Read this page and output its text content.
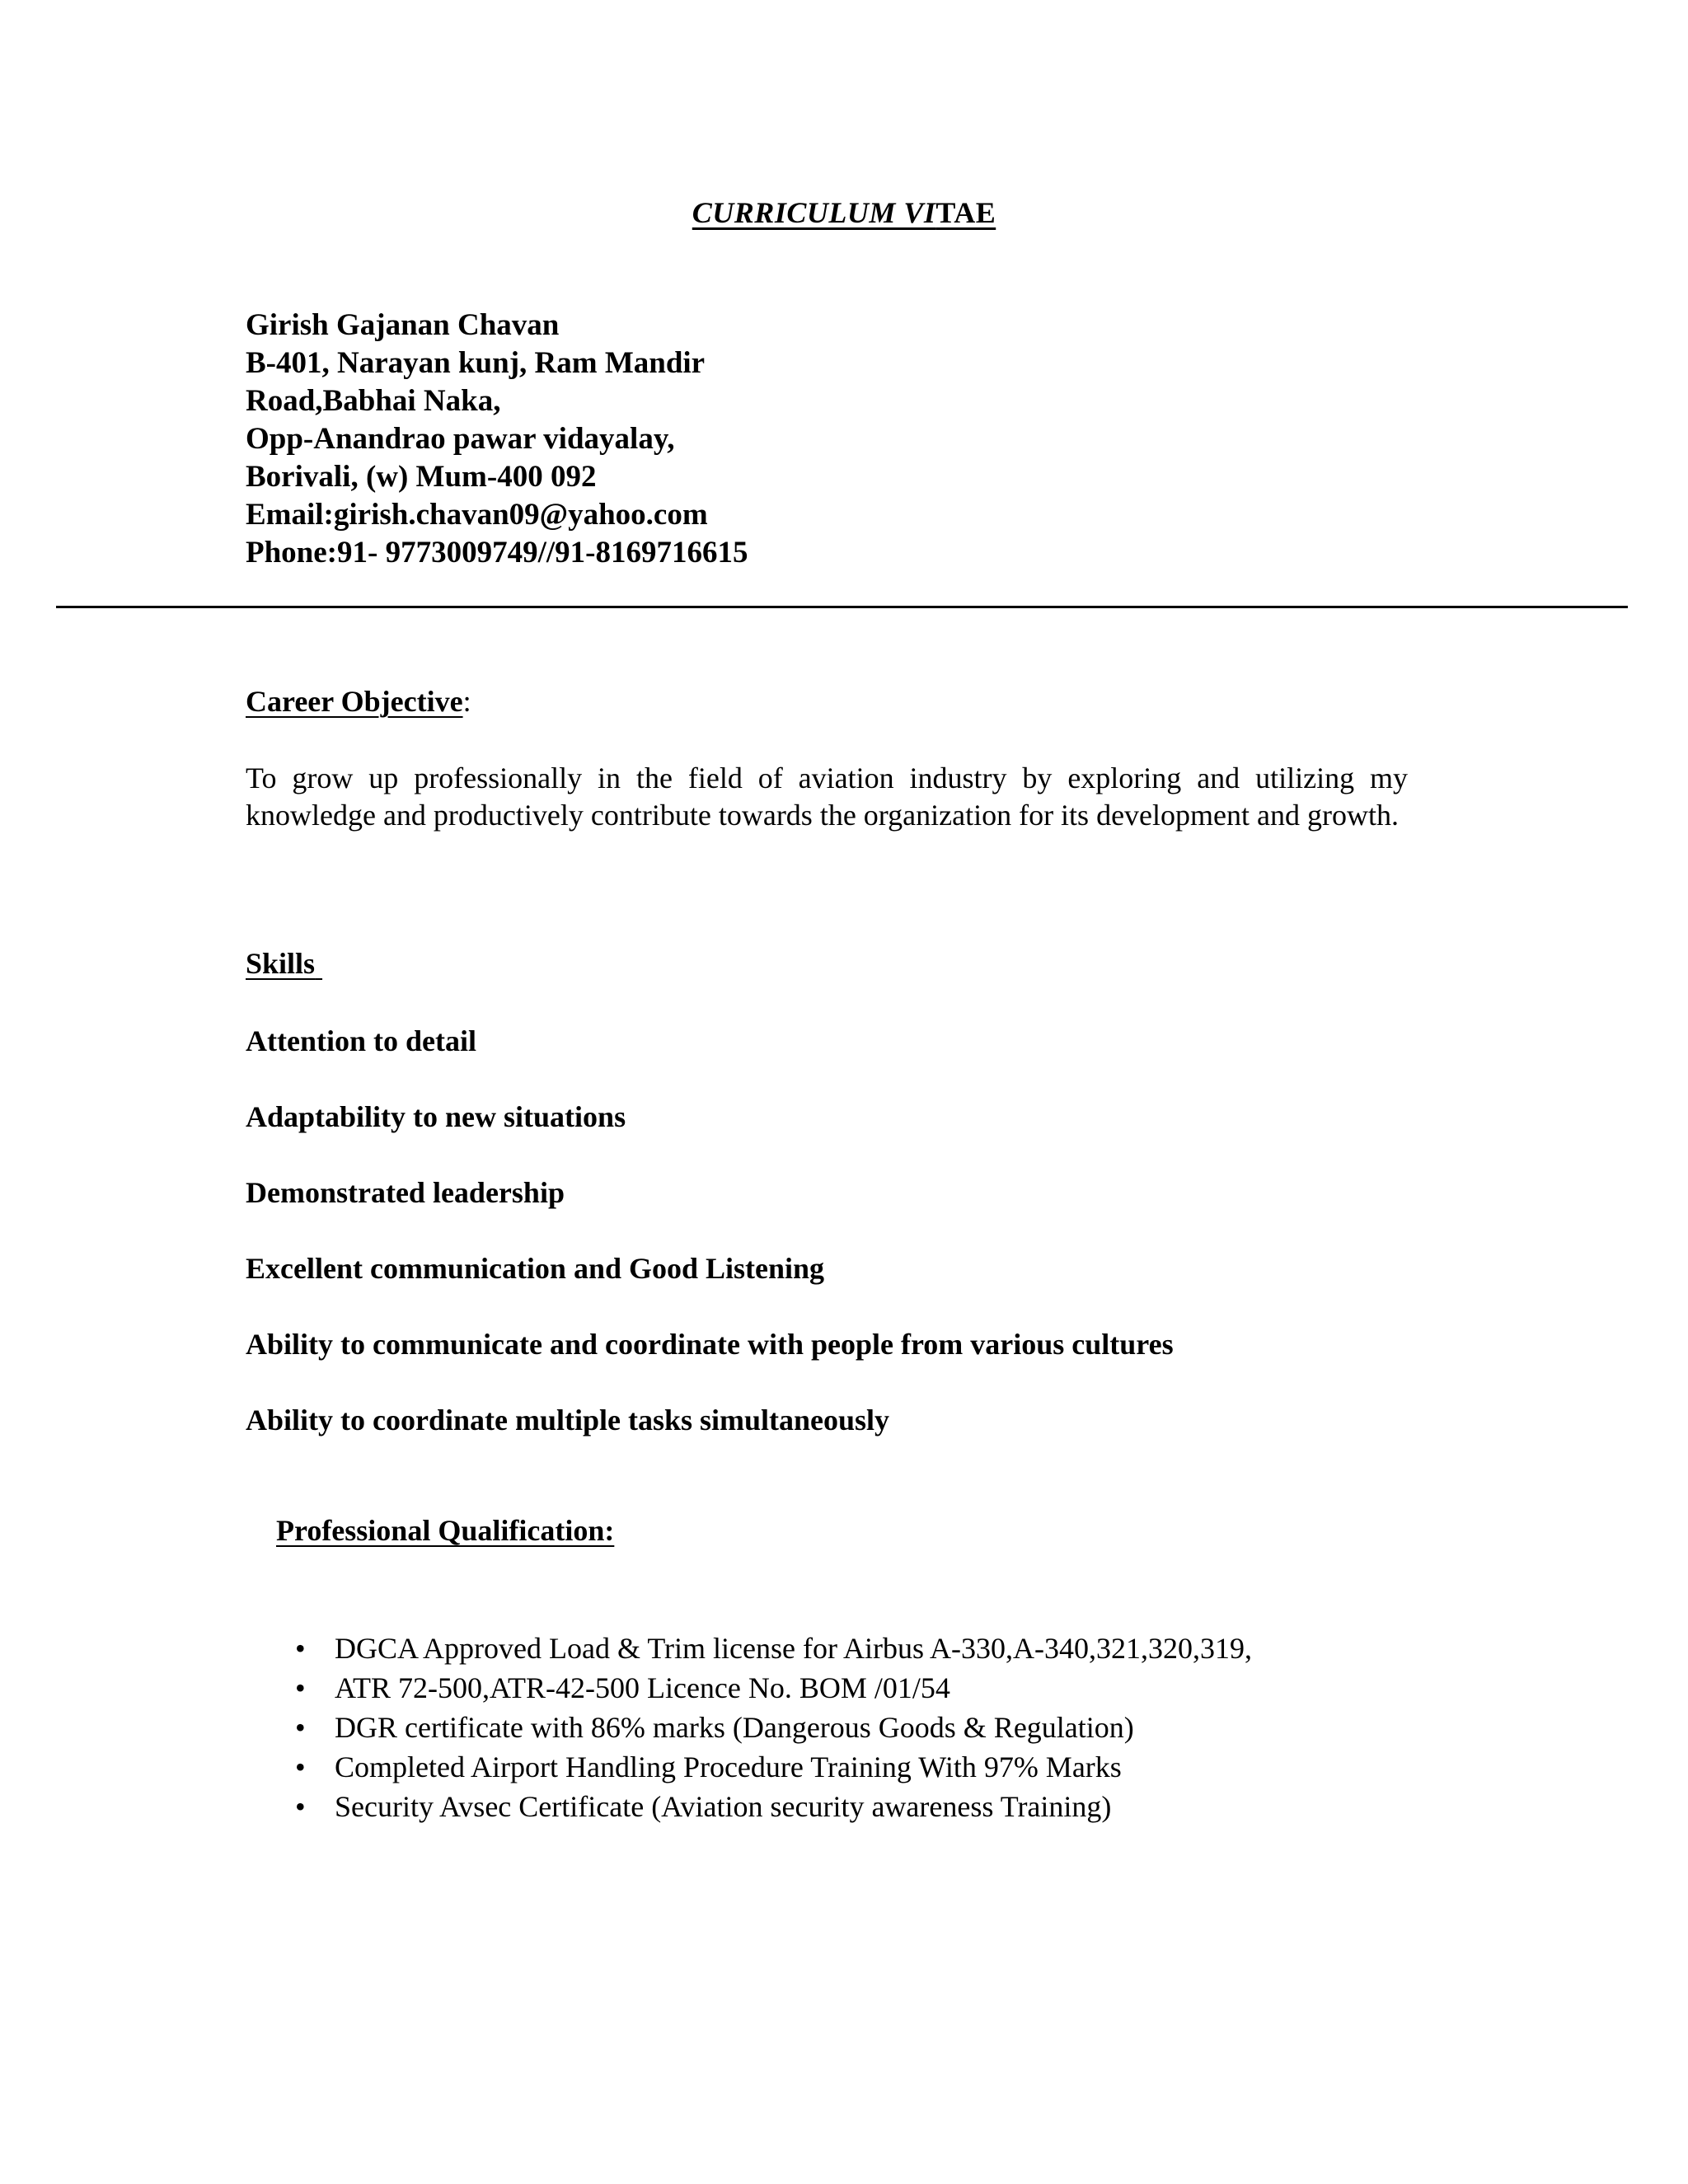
CURRICULUM VITAE
Girish Gajanan Chavan
B-401, Narayan kunj, Ram Mandir
Road,Babhai Naka,
Opp-Anandrao pawar vidayalay,
Borivali, (w) Mum-400 092
Email:girish.chavan09@yahoo.com
Phone:91- 9773009749//91-8169716615
Career Objective:
To grow up professionally in the field of aviation industry by exploring and utilizing my knowledge and productively contribute towards the organization for its development and growth.
Skills
Attention to detail
Adaptability to new situations
Demonstrated leadership
Excellent communication and Good Listening
Ability to communicate and coordinate with people from various cultures
Ability to coordinate multiple tasks simultaneously
Professional Qualification:
• DGCA Approved Load & Trim license for Airbus A-330,A-340,321,320,319,
• ATR 72-500,ATR-42-500 Licence No. BOM /01/54
• DGR certificate with 86% marks (Dangerous Goods & Regulation)
• Completed Airport Handling Procedure Training With 97% Marks
• Security Avsec Certificate (Aviation security awareness Training)
